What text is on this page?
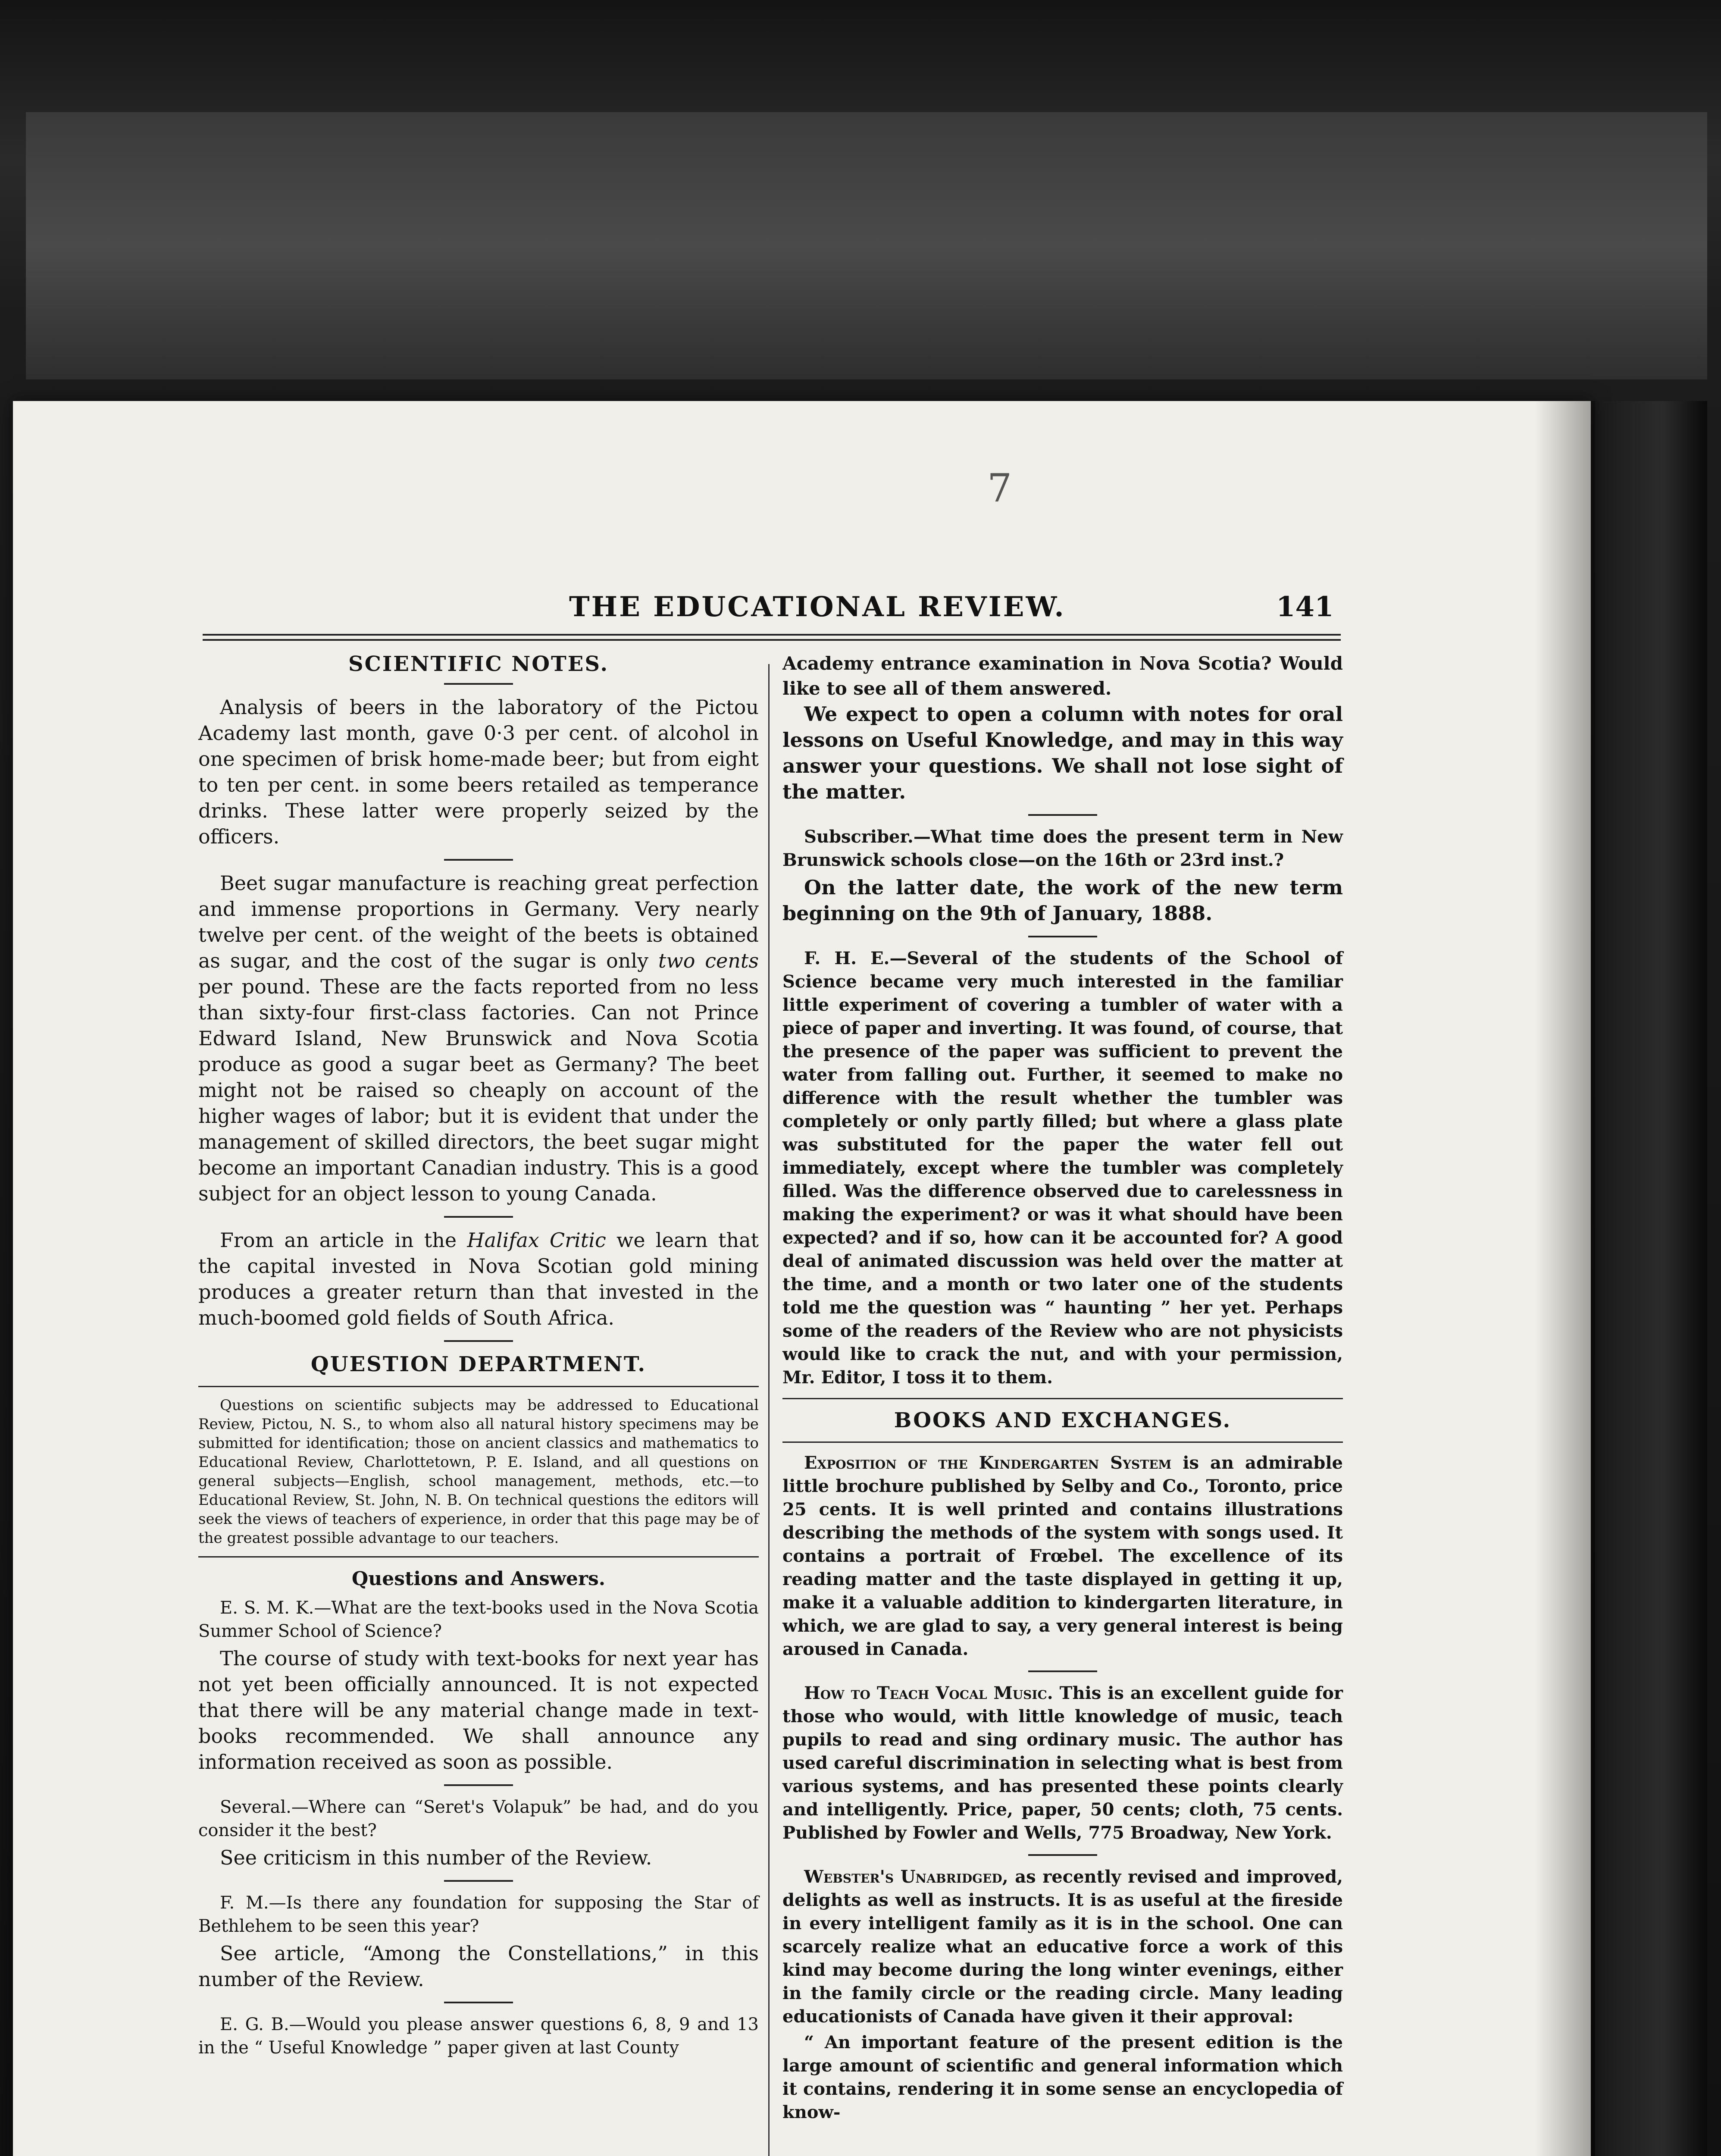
7
THE EDUCATIONAL REVIEW.	141
SCIENTIFIC NOTES.

Analysis of beers in the laboratory of the Pictou Academy last month, gave 0·3 per cent. of alcohol in one specimen of brisk home-made beer; but from eight to ten per cent. in some beers retailed as temperance drinks. These latter were properly seized by the officers.

Beet sugar manufacture is reaching great perfection and immense proportions in Germany. Very nearly twelve per cent. of the weight of the beets is obtained as sugar, and the cost of the sugar is only two cents per pound. These are the facts reported from no less than sixty-four first-class factories. Can not Prince Edward Island, New Brunswick and Nova Scotia produce as good a sugar beet as Germany? The beet might not be raised so cheaply on account of the higher wages of labor; but it is evident that under the management of skilled directors, the beet sugar might become an important Canadian industry. This is a good subject for an object lesson to young Canada.

From an article in the Halifax Critic we learn that the capital invested in Nova Scotian gold mining produces a greater return than that invested in the much-boomed gold fields of South Africa.

QUESTION DEPARTMENT.

Questions on scientific subjects may be addressed to Educational Review, Pictou, N. S., to whom also all natural history specimens may be submitted for identification; those on ancient classics and mathematics to Educational Review, Charlottetown, P. E. Island, and all questions on general subjects—English, school management, methods, etc.—to Educational Review, St. John, N. B. On technical questions the editors will seek the views of teachers of experience, in order that this page may be of the greatest possible advantage to our teachers.

Questions and Answers.

E. S. M. K.—What are the text-books used in the Nova Scotia Summer School of Science?

The course of study with text-books for next year has not yet been officially announced. It is not expected that there will be any material change made in text-books recommended. We shall announce any information received as soon as possible.

Several.—Where can “Seret's Volapuk” be had, and do you consider it the best?

See criticism in this number of the Review.

F. M.—Is there any foundation for supposing the Star of Bethlehem to be seen this year?

See article, “Among the Constellations,” in this number of the Review.

E. G. B.—Would you please answer questions 6, 8, 9 and 13 in the “ Useful Knowledge ” paper given at last County

Academy entrance examination in Nova Scotia? Would like to see all of them answered.

We expect to open a column with notes for oral lessons on Useful Knowledge, and may in this way answer your questions. We shall not lose sight of the matter.

Subscriber.—What time does the present term in New Brunswick schools close—on the 16th or 23rd inst.?

On the latter date, the work of the new term beginning on the 9th of January, 1888.

F. H. E.—Several of the students of the School of Science became very much interested in the familiar little experiment of covering a tumbler of water with a piece of paper and inverting. It was found, of course, that the presence of the paper was sufficient to prevent the water from falling out. Further, it seemed to make no difference with the result whether the tumbler was completely or only partly filled; but where a glass plate was substituted for the paper the water fell out immediately, except where the tumbler was completely filled. Was the difference observed due to carelessness in making the experiment? or was it what should have been expected? and if so, how can it be accounted for? A good deal of animated discussion was held over the matter at the time, and a month or two later one of the students told me the question was “ haunting ” her yet. Perhaps some of the readers of the Review who are not physicists would like to crack the nut, and with your permission, Mr. Editor, I toss it to them.

BOOKS AND EXCHANGES.

Exposition of the Kindergarten System is an admirable little brochure published by Selby and Co., Toronto, price 25 cents. It is well printed and contains illustrations describing the methods of the system with songs used. It contains a portrait of Frœbel. The excellence of its reading matter and the taste displayed in getting it up, make it a valuable addition to kindergarten literature, in which, we are glad to say, a very general interest is being aroused in Canada.

How to Teach Vocal Music. This is an excellent guide for those who would, with little knowledge of music, teach pupils to read and sing ordinary music. The author has used careful discrimination in selecting what is best from various systems, and has presented these points clearly and intelligently. Price, paper, 50 cents; cloth, 75 cents. Published by Fowler and Wells, 775 Broadway, New York.

Webster's Unabridged, as recently revised and improved, delights as well as instructs. It is as useful at the fireside in every intelligent family as it is in the school. One can scarcely realize what an educative force a work of this kind may become during the long winter evenings, either in the family circle or the reading circle. Many leading educationists of Canada have given it their approval:

“ An important feature of the present edition is the large amount of scientific and general information which it contains, rendering it in some sense an encyclopedia of know-
